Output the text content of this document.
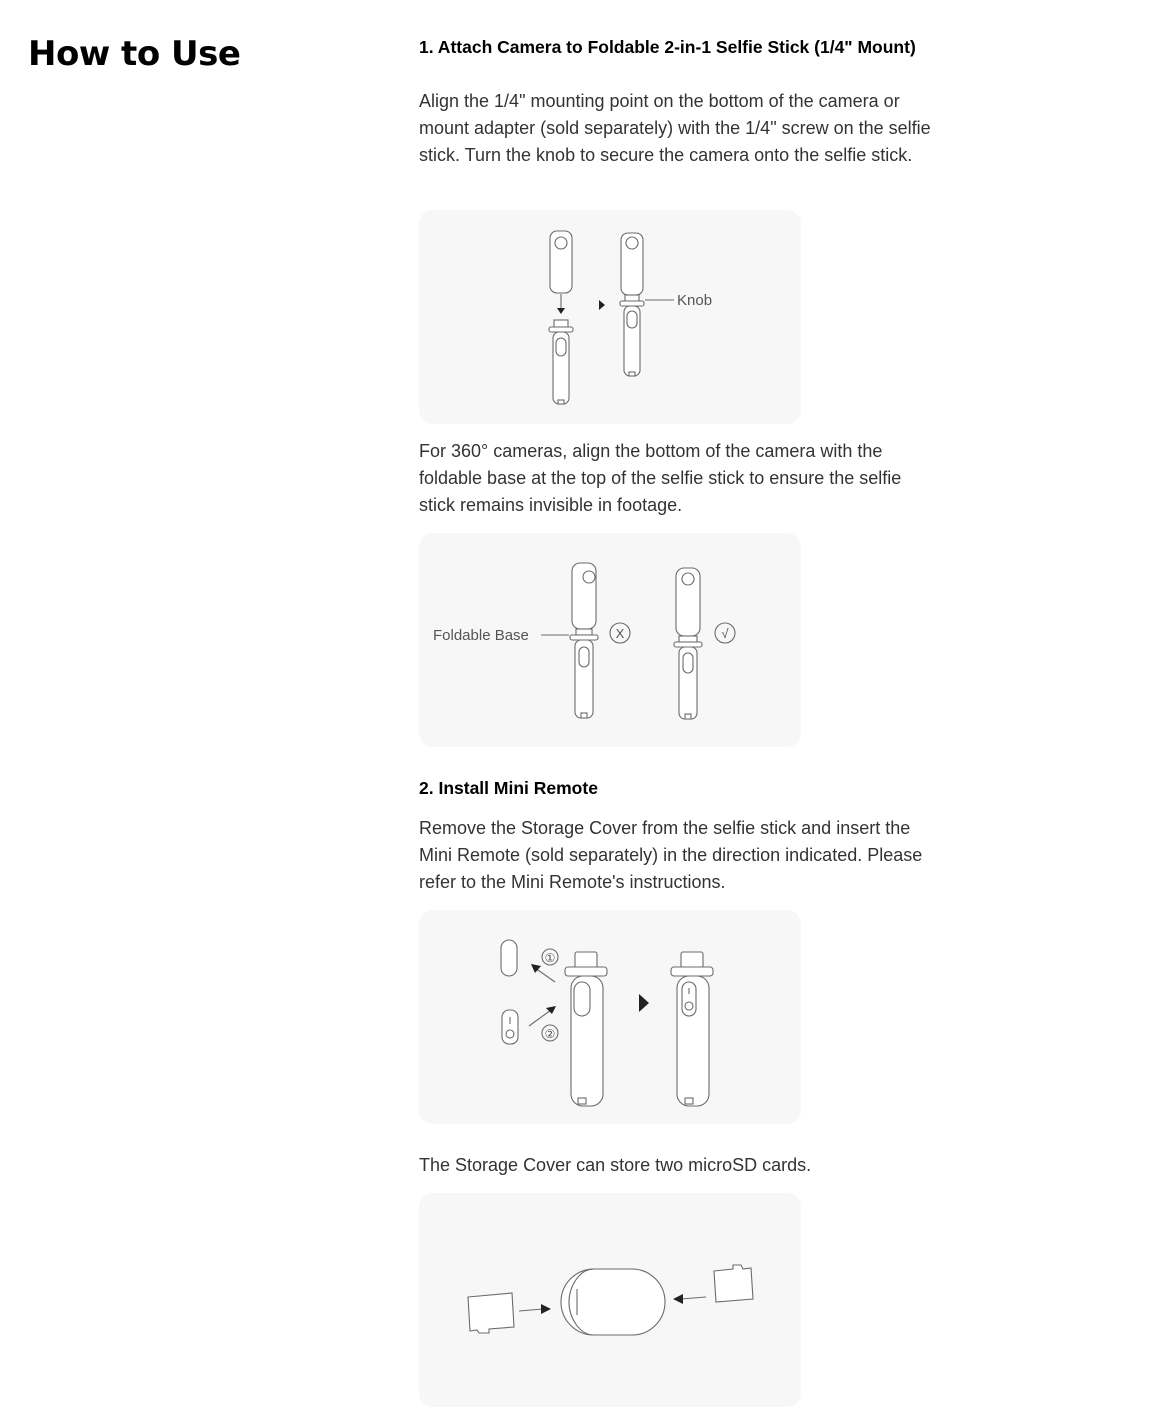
How to Use	1. Attach Camera to Foldable 2-in-1 Selfie Stick (1/4" Mount)

Align the 1/4" mounting point on the bottom of the camera or mount adapter (sold separately) with the 1/4" screw on the selfie stick. Turn the knob to secure the camera onto the selfie stick.

Knob

For 360° cameras, align the bottom of the camera with the foldable base at the top of the selfie stick to ensure the selfie stick remains invisible in footage.

Foldable Base	X	√
2. Install Mini Remote

Remove the Storage Cover from the selfie stick and insert the Mini Remote (sold separately) in the direction indicated. Please refer to the Mini Remote's instructions.

①
②

The Storage Cover can store two microSD cards.
